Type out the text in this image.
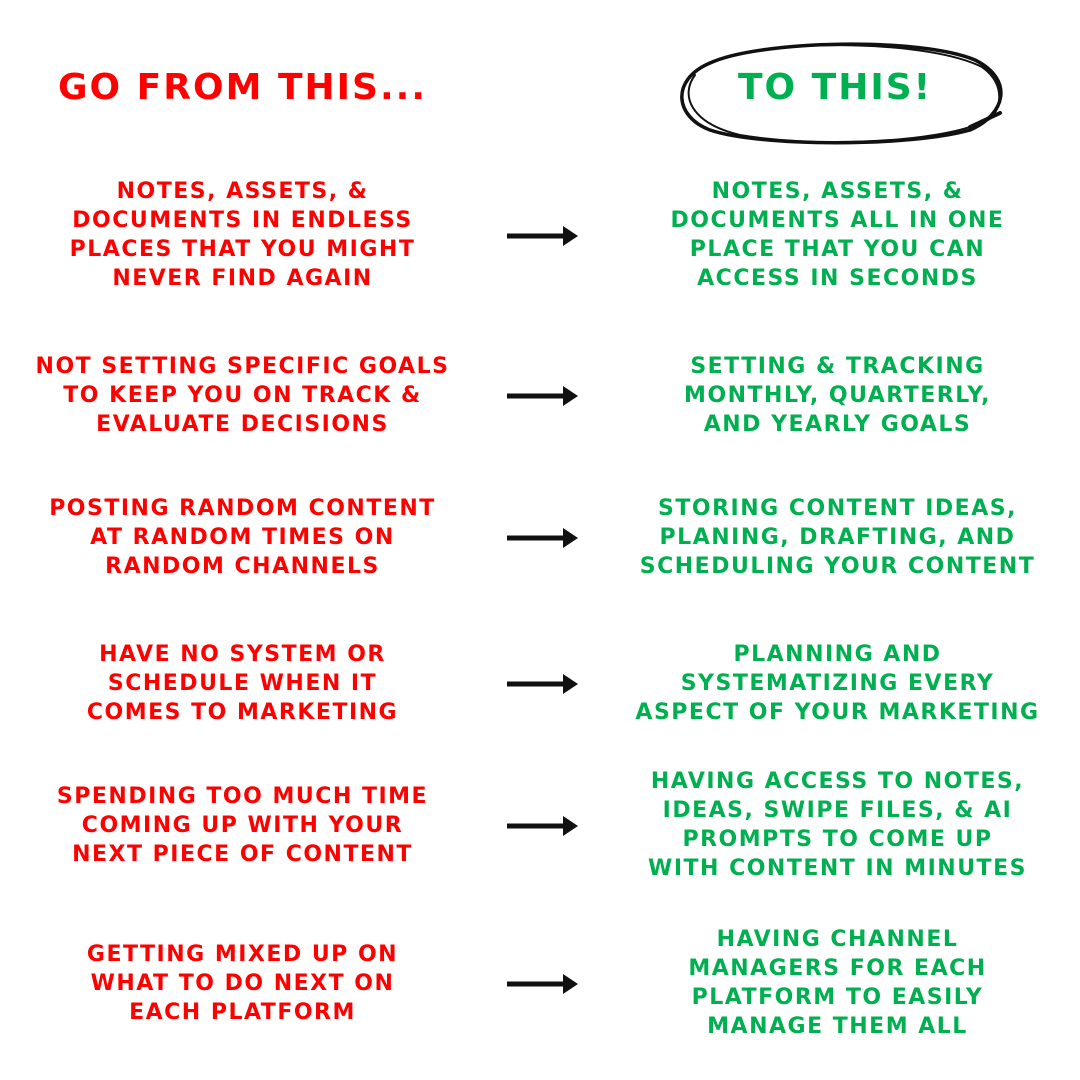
GO FROM THIS...	TO THIS!
NOTES, ASSETS, &
DOCUMENTS IN ENDLESS
PLACES THAT YOU MIGHT
NEVER FIND AGAIN
NOTES, ASSETS, &
DOCUMENTS ALL IN ONE
PLACE THAT YOU CAN
ACCESS IN SECONDS
NOT SETTING SPECIFIC GOALS
TO KEEP YOU ON TRACK &
EVALUATE DECISIONS
SETTING & TRACKING
MONTHLY, QUARTERLY,
AND YEARLY GOALS
POSTING RANDOM CONTENT
AT RANDOM TIMES ON
RANDOM CHANNELS
STORING CONTENT IDEAS,
PLANING, DRAFTING, AND
SCHEDULING YOUR CONTENT
HAVE NO SYSTEM OR
SCHEDULE WHEN IT
COMES TO MARKETING
PLANNING AND
SYSTEMATIZING EVERY
ASPECT OF YOUR MARKETING
SPENDING TOO MUCH TIME
COMING UP WITH YOUR
NEXT PIECE OF CONTENT
HAVING ACCESS TO NOTES,
IDEAS, SWIPE FILES, & AI
PROMPTS TO COME UP
WITH CONTENT IN MINUTES
GETTING MIXED UP ON
WHAT TO DO NEXT ON
EACH PLATFORM
HAVING CHANNEL
MANAGERS FOR EACH
PLATFORM TO EASILY
MANAGE THEM ALL
